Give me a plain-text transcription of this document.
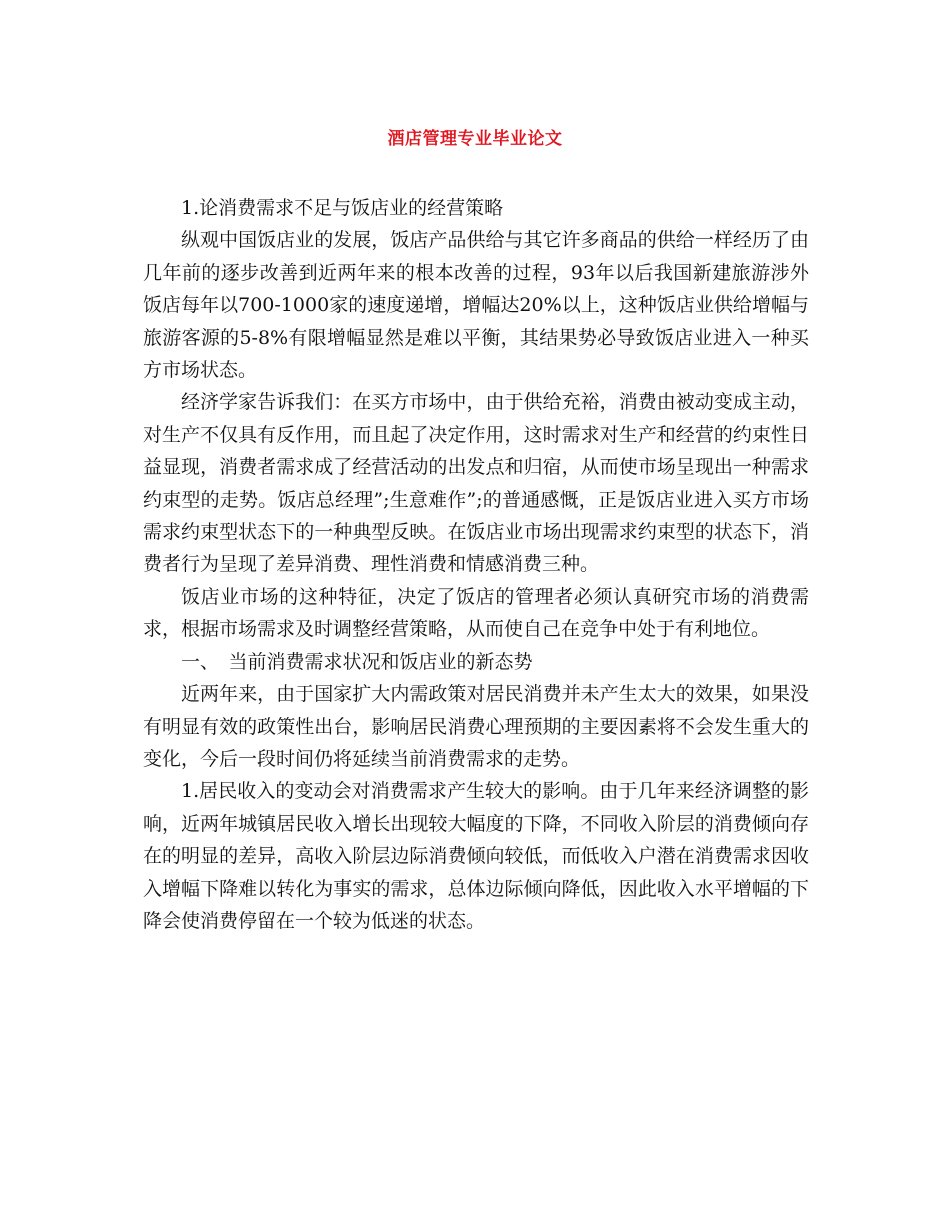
酒店管理专业毕业论文

1.论消费需求不足与饭店业的经营策略

纵观中国饭店业的发展，饭店产品供给与其它许多商品的供给一样经历了由几年前的逐步改善到近两年来的根本改善的过程，93年以后我国新建旅游涉外饭店每年以700-1000家的速度递增，增幅达20%以上，这种饭店业供给增幅与旅游客源的5-8%有限增幅显然是难以平衡，其结果势必导致饭店业进入一种买方市场状态。

经济学家告诉我们：在买方市场中，由于供给充裕，消费由被动变成主动，对生产不仅具有反作用，而且起了决定作用，这时需求对生产和经营的约束性日益显现，消费者需求成了经营活动的出发点和归宿，从而使市场呈现出一种需求约束型的走势。饭店总经理”;生意难作”;的普通感慨，正是饭店业进入买方市场需求约束型状态下的一种典型反映。在饭店业市场出现需求约束型的状态下，消费者行为呈现了差异消费、理性消费和情感消费三种。

饭店业市场的这种特征，决定了饭店的管理者必须认真研究市场的消费需求，根据市场需求及时调整经营策略，从而使自己在竞争中处于有利地位。

一、　当前消费需求状况和饭店业的新态势

近两年来，由于国家扩大内需政策对居民消费并未产生太大的效果，如果没有明显有效的政策性出台，影响居民消费心理预期的主要因素将不会发生重大的变化，今后一段时间仍将延续当前消费需求的走势。

1.居民收入的变动会对消费需求产生较大的影响。由于几年来经济调整的影响，近两年城镇居民收入增长出现较大幅度的下降，不同收入阶层的消费倾向存在的明显的差异，高收入阶层边际消费倾向较低，而低收入户潜在消费需求因收入增幅下降难以转化为事实的需求，总体边际倾向降低，因此收入水平增幅的下降会使消费停留在一个较为低迷的状态。
